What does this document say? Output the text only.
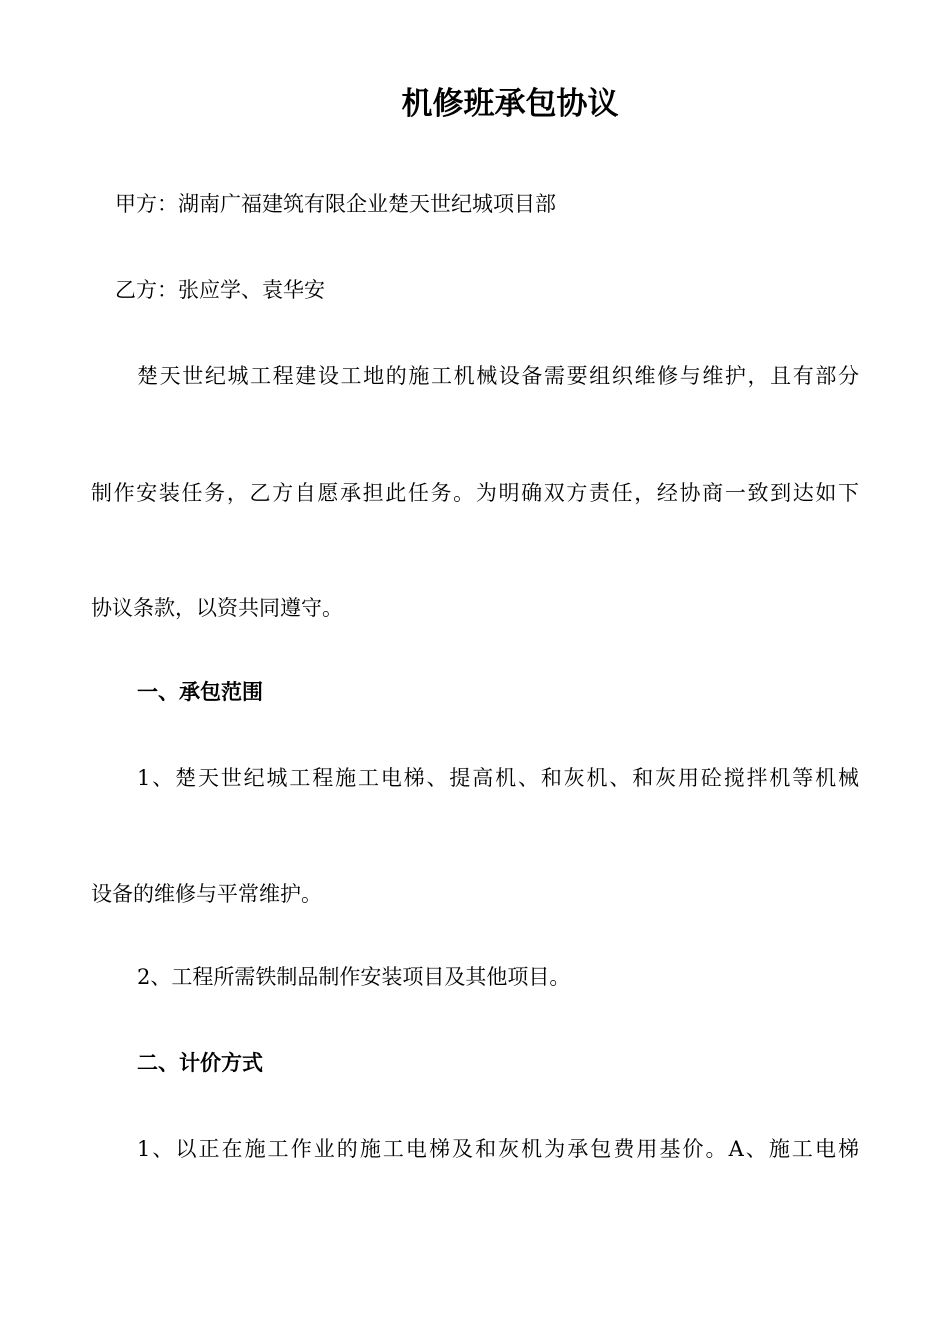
机修班承包协议

甲方：湖南广福建筑有限企业楚天世纪城项目部

乙方：张应学、袁华安

楚天世纪城工程建设工地的施工机械设备需要组织维修与维护，且有部分

制作安装任务，乙方自愿承担此任务。为明确双方责任，经协商一致到达如下

协议条款，以资共同遵守。

一、承包范围

1、楚天世纪城工程施工电梯、提高机、和灰机、和灰用砼搅拌机等机械

设备的维修与平常维护。

2、工程所需铁制品制作安装项目及其他项目。

二、计价方式

1、以正在施工作业的施工电梯及和灰机为承包费用基价。A、施工电梯
